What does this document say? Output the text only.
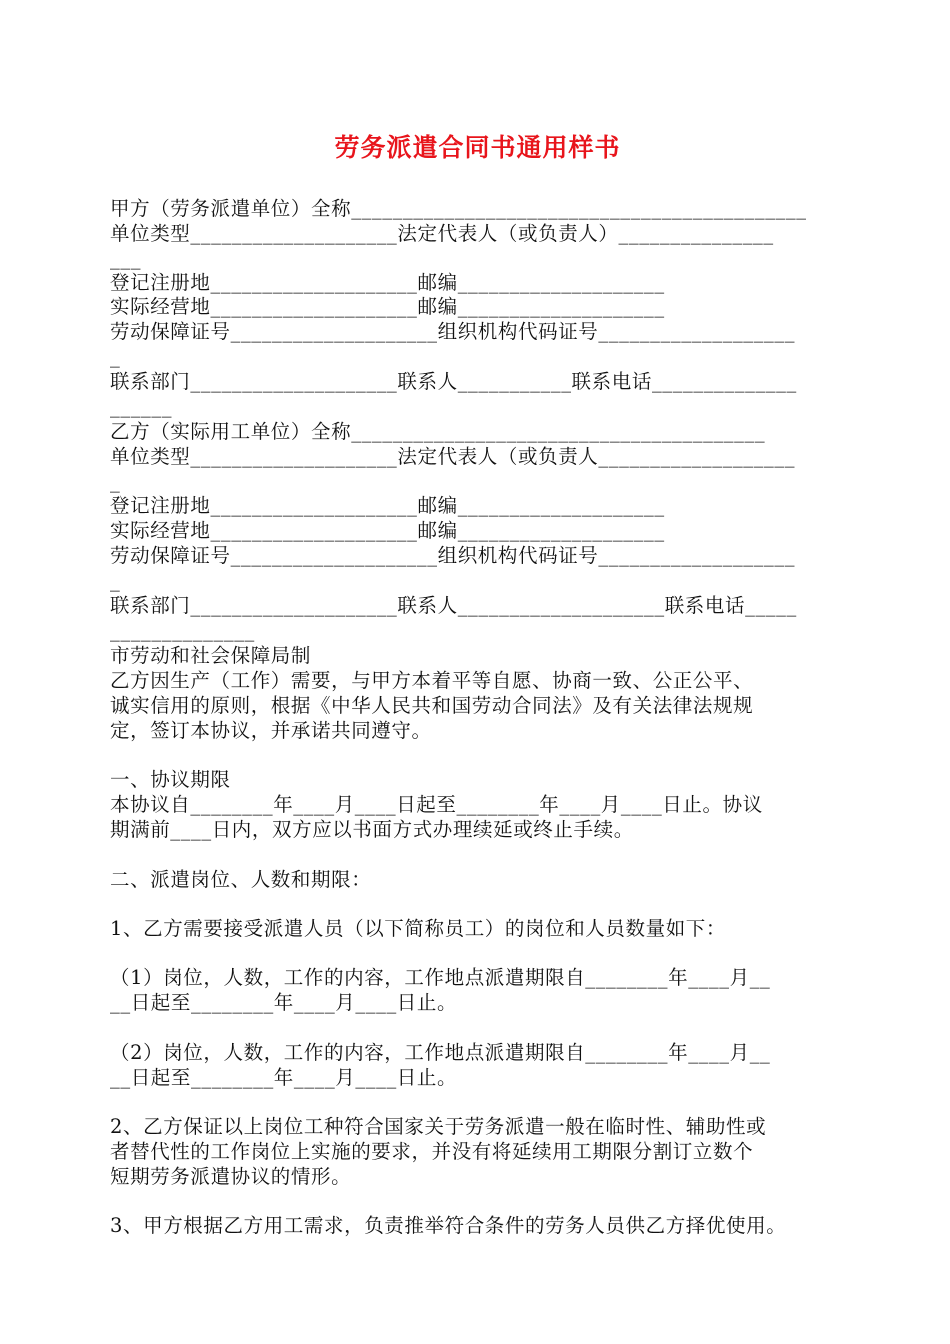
劳务派遣合同书通用样书
甲方（劳务派遣单位）全称____________________________________________
单位类型____________________法定代表人（或负责人）_______________
___
登记注册地____________________邮编____________________
实际经营地____________________邮编____________________
劳动保障证号____________________组织机构代码证号___________________
_
联系部门____________________联系人___________联系电话______________
______
乙方（实际用工单位）全称________________________________________
单位类型____________________法定代表人（或负责人___________________
_
登记注册地____________________邮编____________________
实际经营地____________________邮编____________________
劳动保障证号____________________组织机构代码证号___________________
_
联系部门____________________联系人____________________联系电话_____
______________
市劳动和社会保障局制
乙方因生产（工作）需要，与甲方本着平等自愿、协商一致、公正公平、
诚实信用的原则，根据《中华人民共和国劳动合同法》及有关法律法规规
定，签订本协议，并承诺共同遵守。
一、协议期限
本协议自________年____月____日起至________年____月____日止。协议
期满前____日内，双方应以书面方式办理续延或终止手续。
二、派遣岗位、人数和期限：
1、乙方需要接受派遣人员（以下简称员工）的岗位和人员数量如下：
（1）岗位，人数，工作的内容，工作地点派遣期限自________年____月__
__日起至________年____月____日止。
（2）岗位，人数，工作的内容，工作地点派遣期限自________年____月__
__日起至________年____月____日止。
2、乙方保证以上岗位工种符合国家关于劳务派遣一般在临时性、辅助性或
者替代性的工作岗位上实施的要求，并没有将延续用工期限分割订立数个
短期劳务派遣协议的情形。
3、甲方根据乙方用工需求，负责推举符合条件的劳务人员供乙方择优使用。
